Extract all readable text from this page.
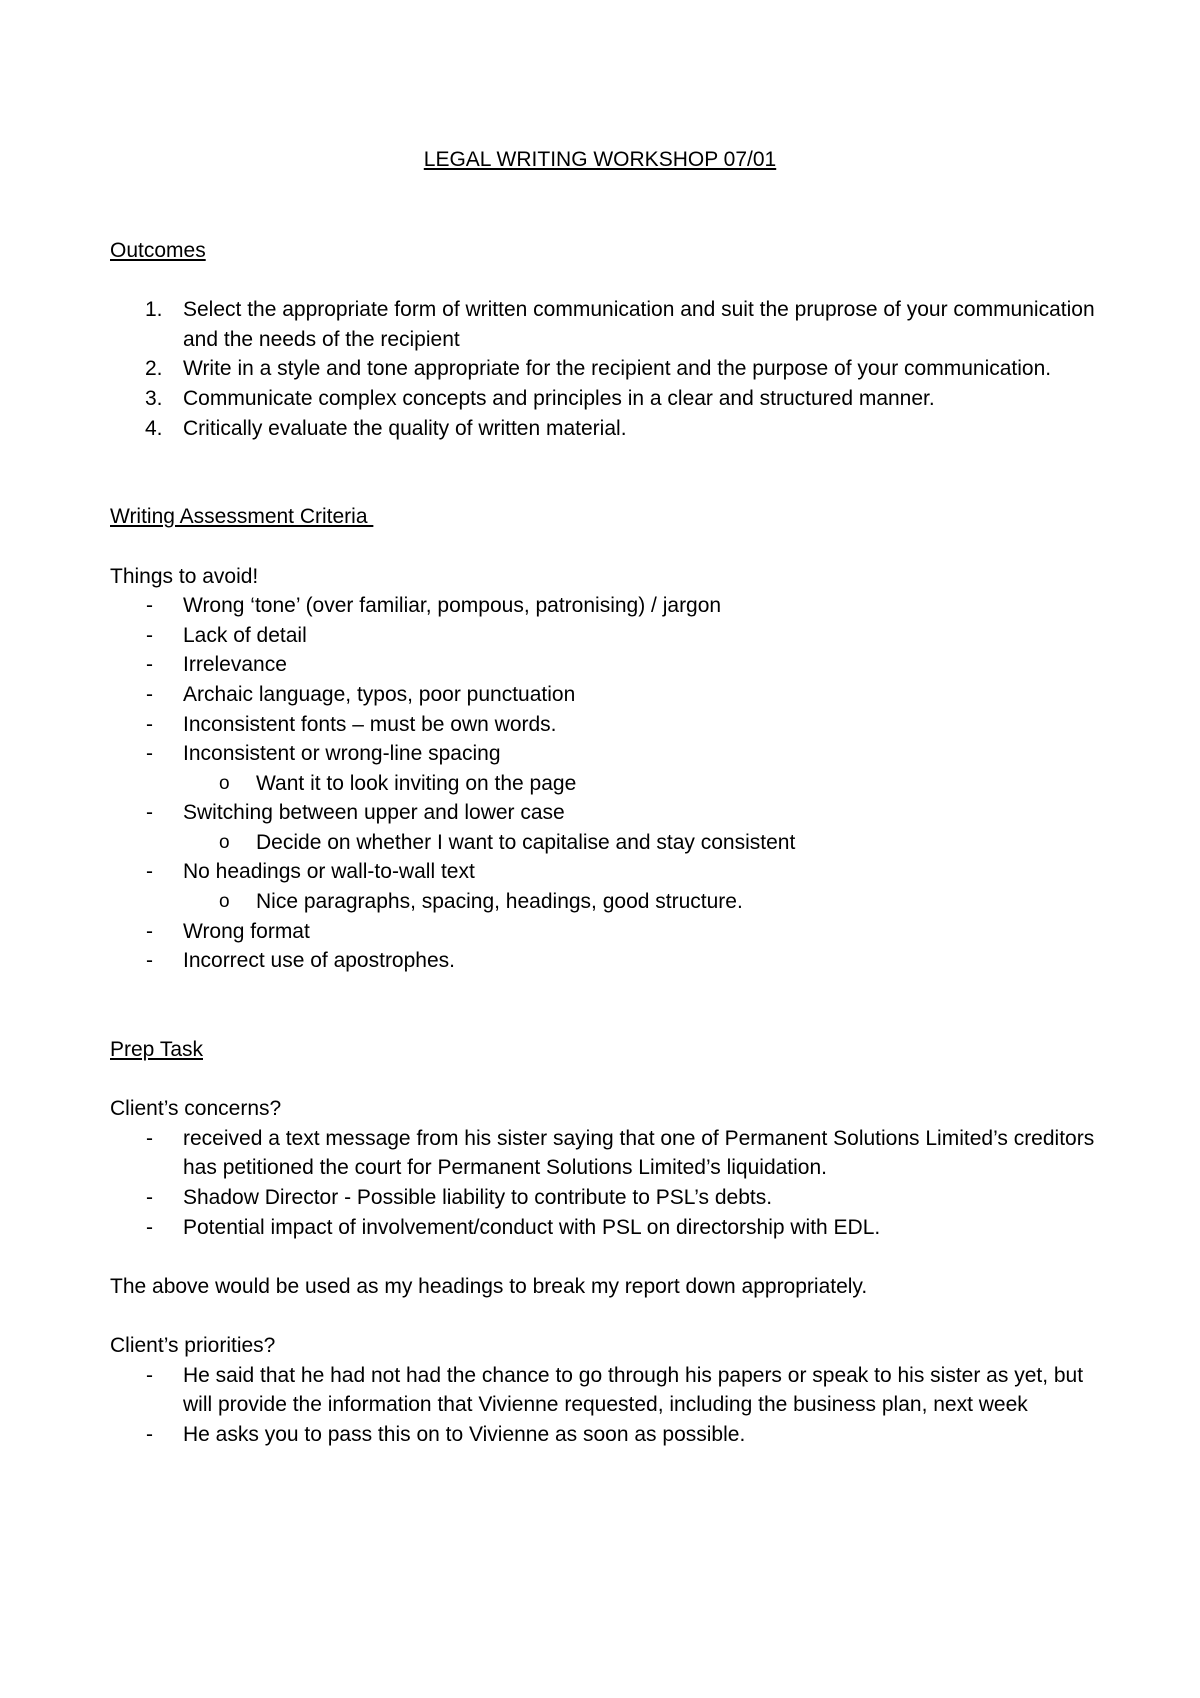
LEGAL WRITING WORKSHOP 07/01
Outcomes
1. Select the appropriate form of written communication and suit the pruprose of your communication and the needs of the recipient
2. Write in a style and tone appropriate for the recipient and the purpose of your communication.
3. Communicate complex concepts and principles in a clear and structured manner.
4. Critically evaluate the quality of written material.
Writing Assessment Criteria
Things to avoid!
- Wrong ‘tone’ (over familiar, pompous, patronising) / jargon
- Lack of detail
- Irrelevance
- Archaic language, typos, poor punctuation
- Inconsistent fonts – must be own words.
- Inconsistent or wrong-line spacing
o Want it to look inviting on the page
- Switching between upper and lower case
o Decide on whether I want to capitalise and stay consistent
- No headings or wall-to-wall text
o Nice paragraphs, spacing, headings, good structure.
- Wrong format
- Incorrect use of apostrophes.
Prep Task
Client’s concerns?
- received a text message from his sister saying that one of Permanent Solutions Limited’s creditors has petitioned the court for Permanent Solutions Limited’s liquidation.
- Shadow Director - Possible liability to contribute to PSL’s debts.
- Potential impact of involvement/conduct with PSL on directorship with EDL.
The above would be used as my headings to break my report down appropriately.
Client’s priorities?
- He said that he had not had the chance to go through his papers or speak to his sister as yet, but will provide the information that Vivienne requested, including the business plan, next week
- He asks you to pass this on to Vivienne as soon as possible.
